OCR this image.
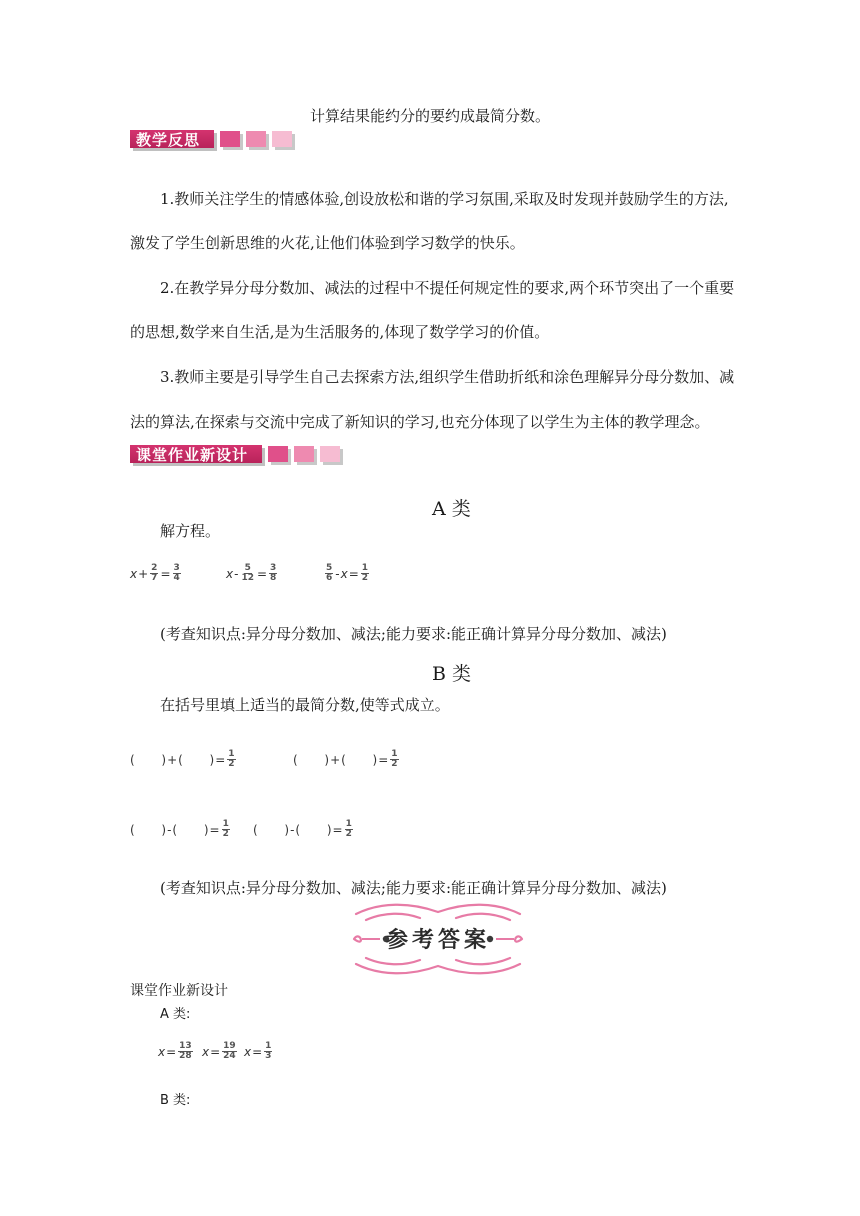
计算结果能约分的要约成最简分数。
教学反思
1.教师关注学生的情感体验,创设放松和谐的学习氛围,采取及时发现并鼓励学生的方法,
激发了学生创新思维的火花,让他们体验到学习数学的快乐。
2.在教学异分母分数加、减法的过程中不提任何规定性的要求,两个环节突出了一个重要
的思想,数学来自生活,是为生活服务的,体现了数学学习的价值。
3.教师主要是引导学生自己去探索方法,组织学生借助折纸和涂色理解异分母分数加、减
法的算法,在探索与交流中完成了新知识的学习,也充分体现了以学生为主体的教学理念。
课堂作业新设计
A 类
解方程。
$x + \frac{2}{7} = \frac{3}{4}$	$x - \frac{5}{12} = \frac{3}{8}$	$\frac{5}{6} - x = \frac{1}{2}$
(考查知识点:异分母分数加、减法;能力要求:能正确计算异分母分数加、减法)
B 类
在括号里填上适当的最简分数,使等式成立。
(
) + (
) = $\frac{1}{2}$	(
) + (
) = $\frac{1}{2}$
(
) - (
) = $\frac{1}{2}$ (
) - (
) = $\frac{1}{2}$
(考查知识点:异分母分数加、减法;能力要求:能正确计算异分母分数加、减法)
参考答案
课堂作业新设计
A 类:
$x = \frac{13}{28}$ $x = \frac{19}{24}$ $x = \frac{1}{3}$
B 类:
